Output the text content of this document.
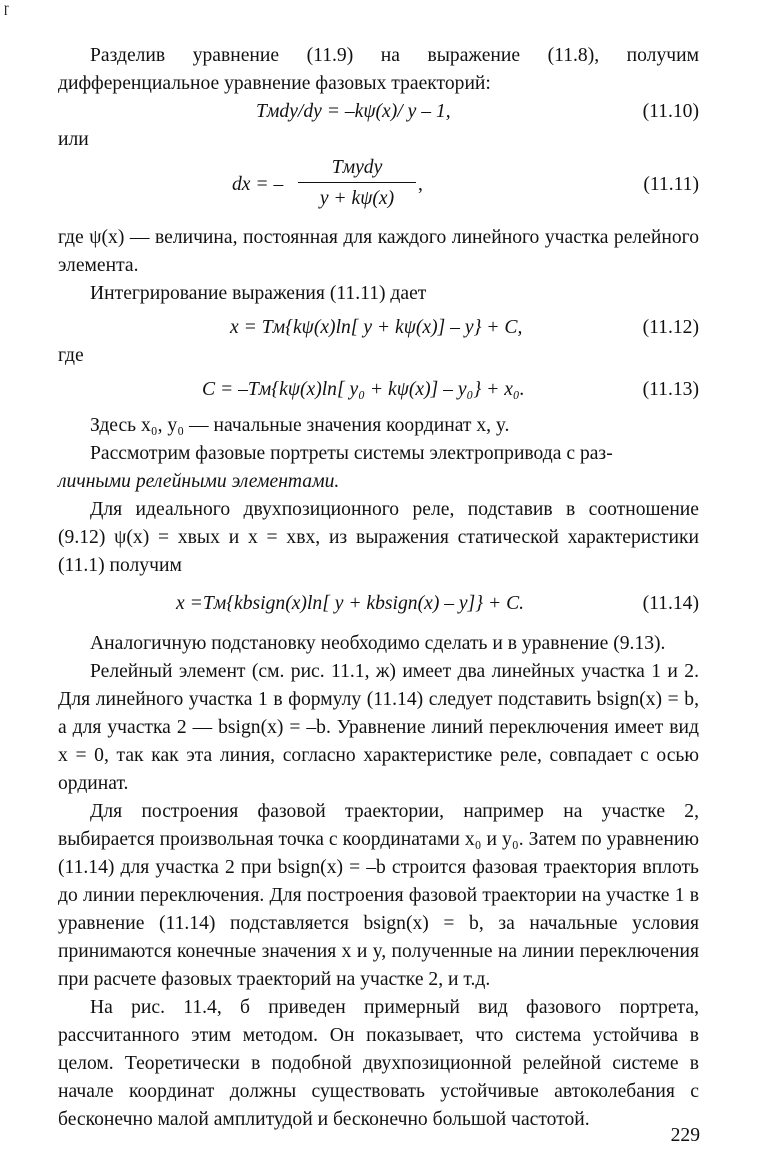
ɼ

Разделив уравнение (11.9) на выражение (11.8), получим дифференциальное уравнение фазовых траекторий:

Tмdy/dy = –kψ(x)/ y – 1,	(11.10)

или

dx = –
Tмydy
y + kψ(x)
,	(11.11)

где ψ(x) — величина, постоянная для каждого линейного участка релейного элемента.

Интегрирование выражения (11.11) дает

x = Tм{kψ(x)ln[ y + kψ(x)] – y} + C,	(11.12)

где

C = –Tм{kψ(x)ln[ y₀ + kψ(x)] – y₀} + x₀.	(11.13)

Здесь x₀, y₀ — начальные значения координат x, y.

Рассмотрим фазовые портреты системы электропривода с раз-
личными релейными элементами.

Для идеального двухпозиционного реле, подставив в соотношение (9.12) ψ(x) = xвых и x = xвх, из выражения статической характеристики (11.1) получим

x =Tм{kbsign(x)ln[ y + kbsign(x) – y]} + C.	(11.14)

Аналогичную подстановку необходимо сделать и в уравнение (9.13).

Релейный элемент (см. рис. 11.1, ж) имеет два линейных участка 1 и 2. Для линейного участка 1 в формулу (11.14) следует подставить bsign(x) = b, а для участка 2 — bsign(x) = –b. Уравнение линий переключения имеет вид x = 0, так как эта линия, согласно характеристике реле, совпадает с осью ординат.

Для построения фазовой траектории, например на участке 2, выбирается произвольная точка с координатами x₀ и y₀. Затем по уравнению (11.14) для участка 2 при bsign(x) = –b строится фазовая траектория вплоть до линии переключения. Для построения фазовой траектории на участке 1 в уравнение (11.14) подставляется bsign(x) = b, за начальные условия принимаются конечные значения x и y, полученные на линии переключения при расчете фазовых траекторий на участке 2, и т.д.

На рис. 11.4, б приведен примерный вид фазового портрета, рассчитанного этим методом. Он показывает, что система устойчива в целом. Теоретически в подобной двухпозиционной релейной системе в начале координат должны существовать устойчивые автоколебания с бесконечно малой амплитудой и бесконечно большой частотой.

229
